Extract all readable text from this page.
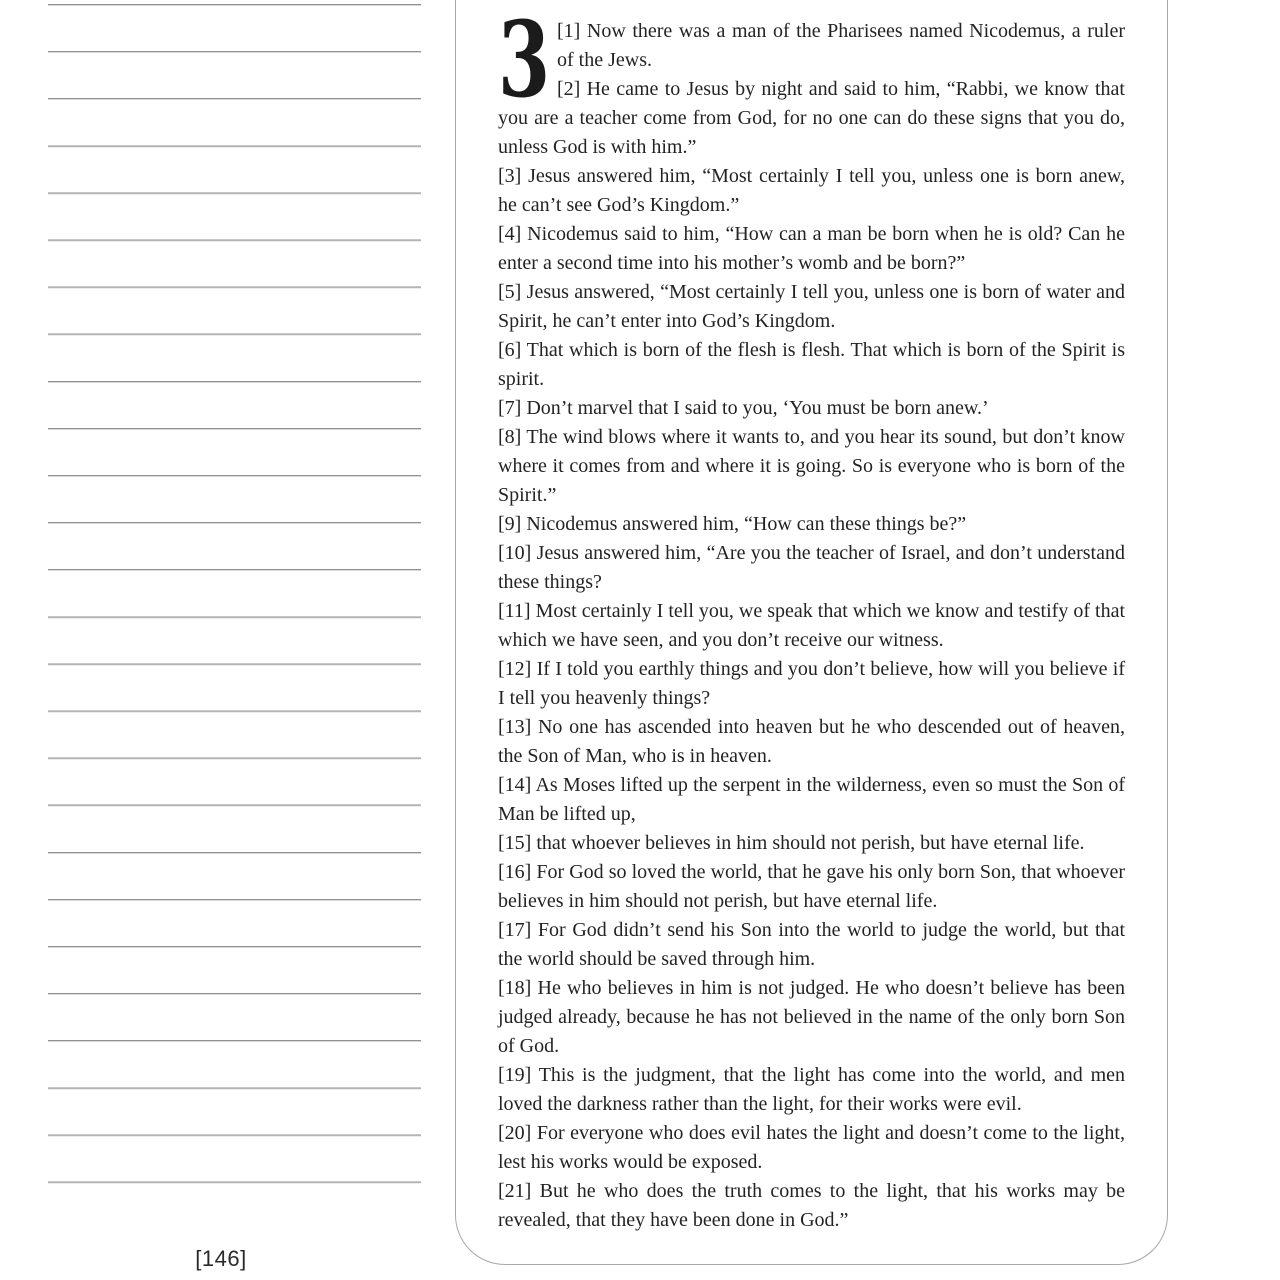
[146]

3 [1] Now there was a man of the Pharisees named Nicodemus, a ruler of the Jews.

[2] He came to Jesus by night and said to him, “Rabbi, we know that you are a teacher come from God, for no one can do these signs that you do, unless God is with him.”

[3] Jesus answered him, “Most certainly I tell you, unless one is born anew, he can’t see God’s Kingdom.”

[4] Nicodemus said to him, “How can a man be born when he is old? Can he enter a second time into his mother’s womb and be born?”

[5] Jesus answered, “Most certainly I tell you, unless one is born of water and Spirit, he can’t enter into God’s Kingdom.

[6] That which is born of the flesh is flesh. That which is born of the Spirit is spirit.

[7] Don’t marvel that I said to you, ‘You must be born anew.’

[8] The wind blows where it wants to, and you hear its sound, but don’t know where it comes from and where it is going. So is everyone who is born of the Spirit.”

[9] Nicodemus answered him, “How can these things be?”

[10] Jesus answered him, “Are you the teacher of Israel, and don’t understand these things?

[11] Most certainly I tell you, we speak that which we know and testify of that which we have seen, and you don’t receive our witness.

[12] If I told you earthly things and you don’t believe, how will you believe if I tell you heavenly things?

[13] No one has ascended into heaven but he who descended out of heaven, the Son of Man, who is in heaven.

[14] As Moses lifted up the serpent in the wilderness, even so must the Son of Man be lifted up,

[15] that whoever believes in him should not perish, but have eternal life.

[16] For God so loved the world, that he gave his only born Son, that whoever believes in him should not perish, but have eternal life.

[17] For God didn’t send his Son into the world to judge the world, but that the world should be saved through him.

[18] He who believes in him is not judged. He who doesn’t believe has been judged already, because he has not believed in the name of the only born Son of God.

[19] This is the judgment, that the light has come into the world, and men loved the darkness rather than the light, for their works were evil.

[20] For everyone who does evil hates the light and doesn’t come to the light, lest his works would be exposed.

[21] But he who does the truth comes to the light, that his works may be revealed, that they have been done in God.”
